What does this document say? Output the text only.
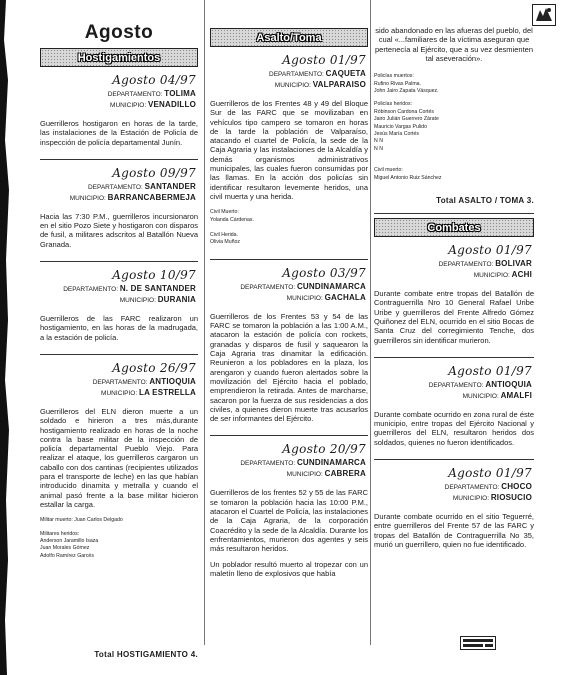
Agosto
Hostigamientos
Agosto 04/97
DEPARTAMENTO: TOLIMA
MUNICIPIO: VENADILLO

Guerrilleros hostigaron en horas de la tarde, las instalaciones de la Estación de Policía de inspección de policía departamental Junín.

Agosto 09/97
DEPARTAMENTO: SANTANDER
MUNICIPIO: BARRANCABERMEJA

Hacia las 7:30 P.M., guerrilleros incursionaron en el sitio Pozo Siete y hostigaron con disparos de fusil, a militares adscritos al Batallón Nueva Granada.

Agosto 10/97
DEPARTAMENTO: N. DE SANTANDER
MUNICIPIO: DURANIA

Guerrilleros de las FARC realizaron un hostigamiento, en las horas de la madrugada, a la estación de policía.

Agosto 26/97
DEPARTAMENTO: ANTIOQUIA
MUNICIPIO: LA ESTRELLA

Guerrilleros del ELN dieron muerte a un soldado e hirieron a tres más,durante hostigamiento realizado en horas de la noche contra la base militar de la inspección de policía departamental Pueblo Viejo. Para realizar el ataque, los guerrilleros cargaron un caballo con dos cantinas (recipientes utilizados para el transporte de leche) en las que habían introducido dinamita y metralla y cuando el animal pasó frente a la base militar hicieron estallar la carga.

Militar muerto: Juan Carlos Delgado
Militares heridos:
Anderson Jaramillo Isaza
Juan Morales Gómez
Adolfo Ramírez Garcés
Total HOSTIGAMIENTO 4.
Asalto/Toma
Agosto 01/97
DEPARTAMENTO: CAQUETA
MUNICIPIO: VALPARAISO

Guerrilleros de los Frentes 48 y 49 del Bloque Sur de las FARC que se movilizaban en vehículos tipo campero se tomaron en horas de la tarde la población de Valparaíso, atacando el cuartel de Policía, la sede de la Caja Agraria y las instalaciones de la Alcaldía y demás organismos administrativos municipales, las cuales fueron consumidas por las llamas. En la acción dos policías sin identificar resultaron levemente heridos, una civil muerta y una herida.

Civil Muerto:
Yolanda Cárdenas.
Civil Herida.
Olivia Muñoz
Agosto 03/97
DEPARTAMENTO: CUNDINAMARCA
MUNICIPIO: GACHALA

Guerrilleros de los Frentes 53 y 54 de las FARC se tomaron la población a las 1:00 A.M., atacaron la estación de policía con rockets, granadas y disparos de fusil y saquearon la Caja Agraria tras dinamitar la edificación. Reunieron a los pobladores en la plaza, los arengaron y cuando fueron alertados sobre la movilización del Ejército hacia el poblado, emprendieron la retirada. Antes de marcharse, sacaron por la fuerza de sus residencias a dos civiles, a quienes dieron muerte tras acusarlos de ser informantes del Ejército.

Agosto 20/97
DEPARTAMENTO: CUNDINAMARCA
MUNICIPIO: CABRERA

Guerrilleros de los frentes 52 y 55 de las FARC se tomaron la población hacia las 10:00 P.M., atacaron el Cuartel de Policía, las instalaciones de la Caja Agraria, de la corporación Coacrédito y la sede de la Alcaldía. Durante los enfrentamientos, murieron dos agentes y seis más resultaron heridos.

Un poblador resultó muerto al tropezar con un maletín lleno de explosivos que había

sido abandonado en las afueras del pueblo, del cual «...familiares de la víctima aseguran que pertenecía al Ejército, que a su vez desmienten tal aseveración».

Policías muertos:
Rufino Rivas Palma.
John Jairo Zapata Vásquez.
Policías heridos:
Róbinson Cardona Cortés
Jairo Julián Guerrero Zárate
Mauricio Vargas Pulido
Jesús María Cortés
N N
N N
Civil muerto:
Miguel Antonio Ruiz Sánchez
Total ASALTO / TOMA 3.
Combates
Agosto 01/97
DEPARTAMENTO: BOLIVAR
MUNICIPIO: ACHI

Durante combate entre tropas del Batallón de Contraguerrilla Nro 10 General Rafael Uribe Uribe y guerrilleros del Frente Alfredo Gómez Quiñonez del ELN, ocurrido en el sitio Bocas de Santa Cruz del corregimiento Tenche, dos guerrilleros sin identificar murieron.

Agosto 01/97
DEPARTAMENTO: ANTIOQUIA
MUNICIPIO: AMALFI

Durante combate ocurrido en zona rural de éste municipio, entre tropas del Ejército Nacional y guerrilleros del ELN, resultaron heridos dos soldados, quienes no fueron identificados.

Agosto 01/97
DEPARTAMENTO: CHOCO
MUNICIPIO: RIOSUCIO

Durante combate ocurrido en el sitio Teguerré, entre guerrilleros del Frente 57 de las FARC y tropas del Batallón de Contraguerrilla No 35, murió un guerrillero, quien no fue identificado.
